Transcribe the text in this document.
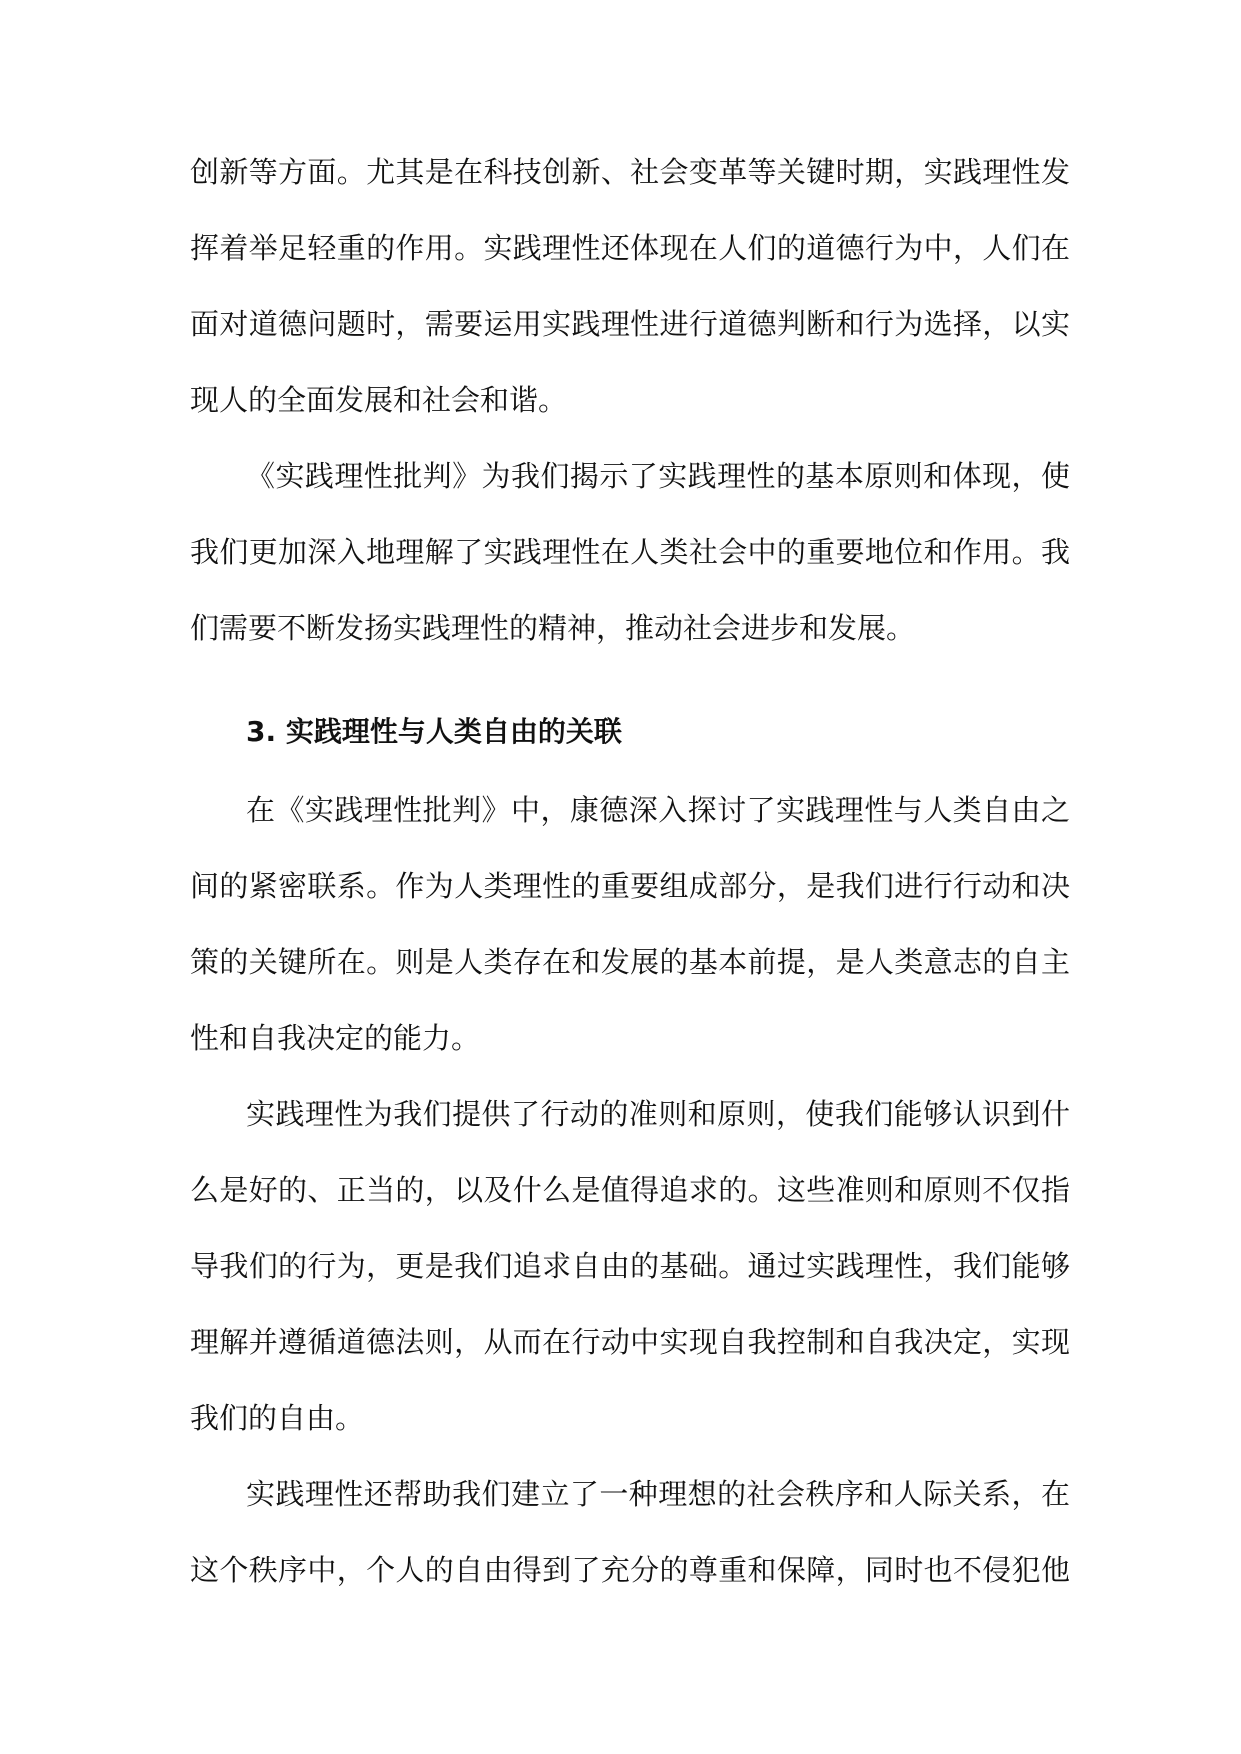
创新等方面。尤其是在科技创新、社会变革等关键时期，实践理性发
挥着举足轻重的作用。实践理性还体现在人们的道德行为中，人们在
面对道德问题时，需要运用实践理性进行道德判断和行为选择，以实
现人的全面发展和社会和谐。
《实践理性批判》为我们揭示了实践理性的基本原则和体现，使
我们更加深入地理解了实践理性在人类社会中的重要地位和作用。我
们需要不断发扬实践理性的精神，推动社会进步和发展。
3. 实践理性与人类自由的关联
在《实践理性批判》中，康德深入探讨了实践理性与人类自由之
间的紧密联系。作为人类理性的重要组成部分，是我们进行行动和决
策的关键所在。则是人类存在和发展的基本前提，是人类意志的自主
性和自我决定的能力。
实践理性为我们提供了行动的准则和原则，使我们能够认识到什
么是好的、正当的，以及什么是值得追求的。这些准则和原则不仅指
导我们的行为，更是我们追求自由的基础。通过实践理性，我们能够
理解并遵循道德法则，从而在行动中实现自我控制和自我决定，实现
我们的自由。
实践理性还帮助我们建立了一种理想的社会秩序和人际关系，在
这个秩序中，个人的自由得到了充分的尊重和保障，同时也不侵犯他
